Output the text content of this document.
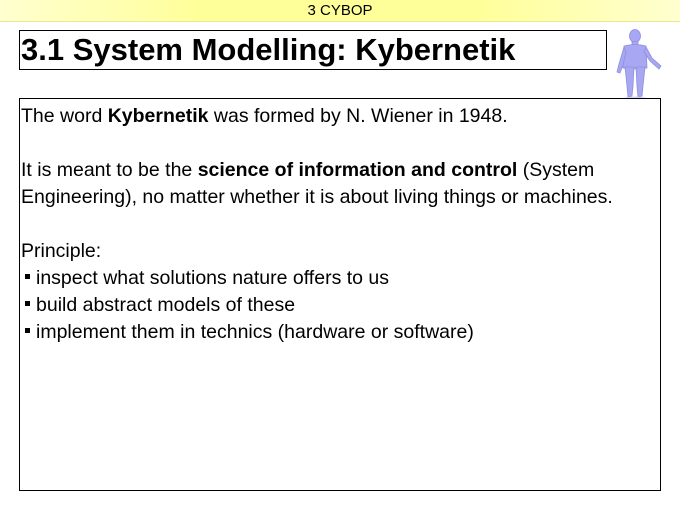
3 CYBOP
3.1 System Modelling: Kybernetik

The word Kybernetik was formed by N. Wiener in 1948.

It is meant to be the science of information and control (System Engineering), no matter whether it is about living things or machines.

Principle:

inspect what solutions nature offers to us
build abstract models of these
implement them in technics (hardware or software)
